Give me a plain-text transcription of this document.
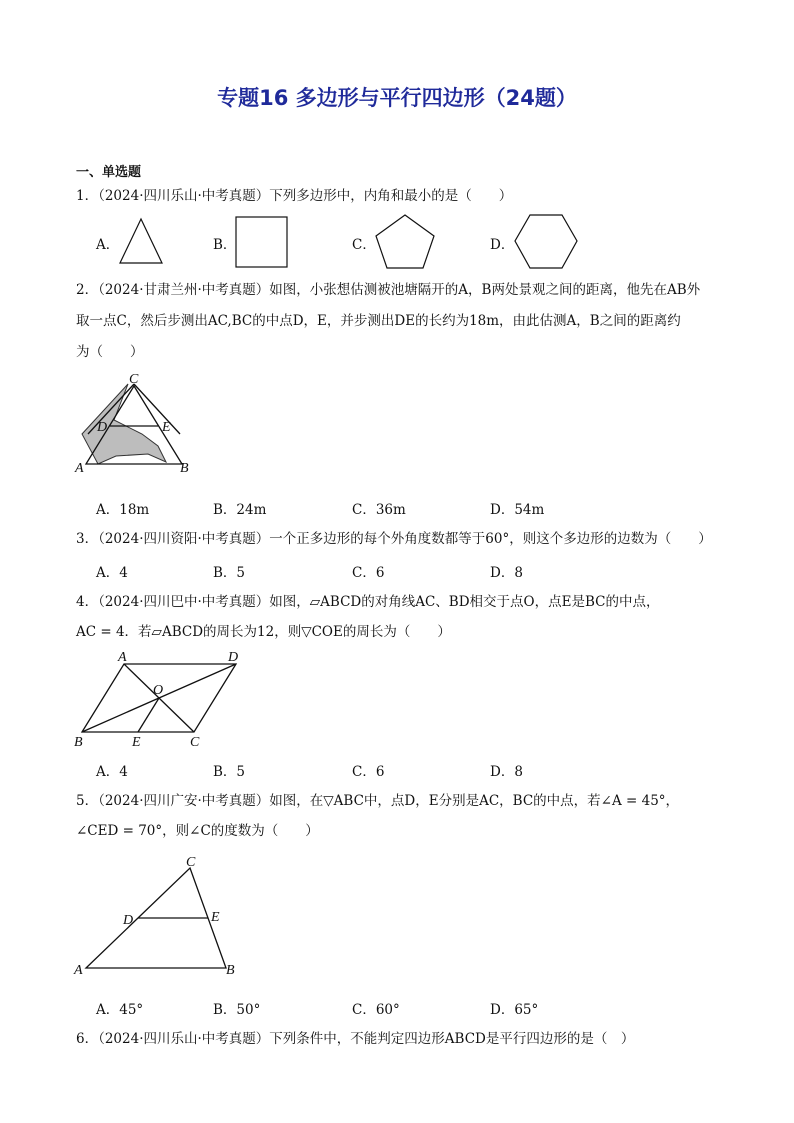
专题16 多边形与平行四边形（24题）
一、单选题
1．（2024·四川乐山·中考真题）下列多边形中，内角和最小的是（　　）
A．	B．	C．	D．
2．（2024·甘肃兰州·中考真题）如图，小张想估测被池塘隔开的A，B两处景观之间的距离，他先在AB外
取一点C，然后步测出AC,BC的中点D，E，并步测出DE的长约为18m，由此估测A，B之间的距离约
为（　　）
C
D	E
A	B
A．18m	B．24m	C．36m	D．54m
3．（2024·四川资阳·中考真题）一个正多边形的每个外角度数都等于60°，则这个多边形的边数为（　　）
A．4	B．5	C．6	D．8
4．（2024·四川巴中·中考真题）如图，▱ABCD的对角线AC、BD相交于点O，点E是BC的中点，
AC = 4．若▱ABCD的周长为12，则▽COE的周长为（　　）
A	D
O
B	E	C
A．4	B．5	C．6	D．8
5．（2024·四川广安·中考真题）如图，在▽ABC中，点D，E分别是AC，BC的中点，若∠A = 45°，
∠CED = 70°，则∠C的度数为（　　）
C
D	E
A	B
A．45°	B．50°	C．60°	D．65°
6．（2024·四川乐山·中考真题）下列条件中，不能判定四边形ABCD是平行四边形的是（　）
